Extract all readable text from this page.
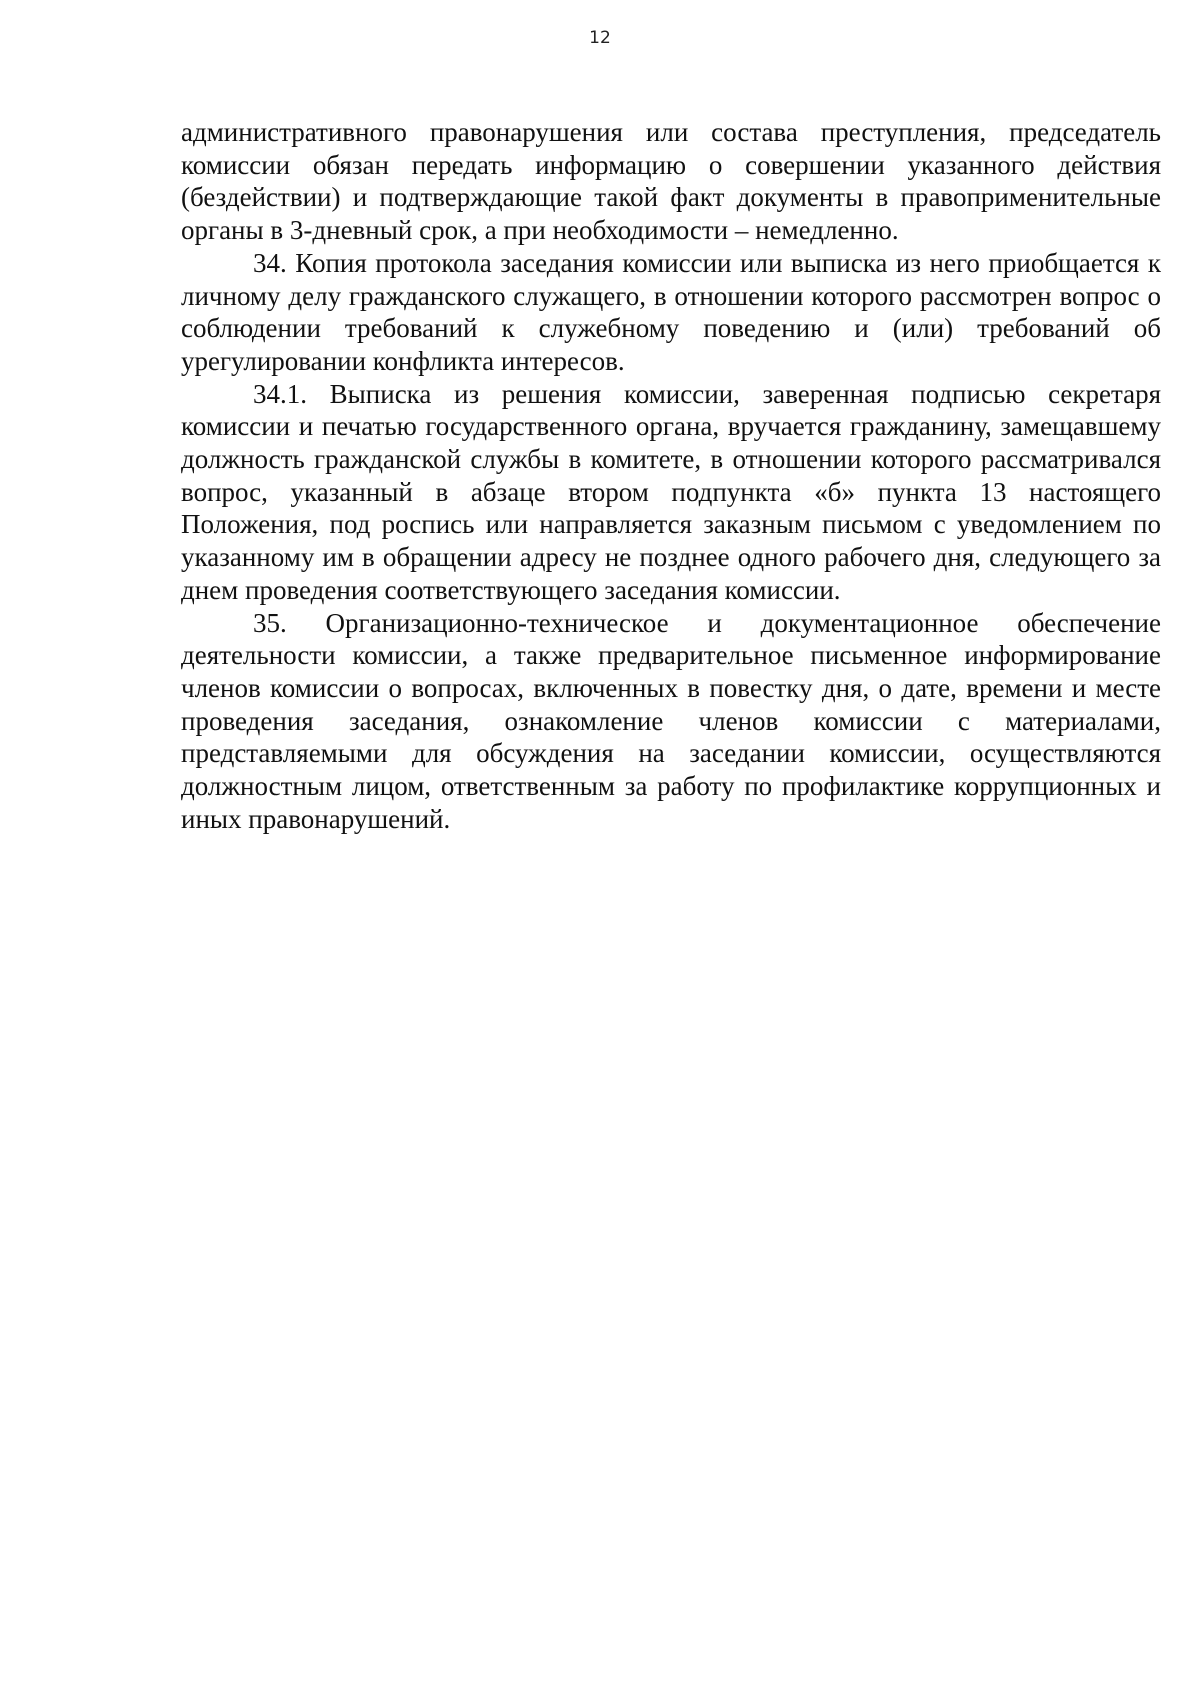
12

административного правонарушения или состава преступления, председатель комиссии обязан передать информацию о совершении указанного действия (бездействии) и подтверждающие такой факт документы в правоприменительные органы в 3-дневный срок, а при необходимости – немедленно.

34. Копия протокола заседания комиссии или выписка из него приобщается к личному делу гражданского служащего, в отношении которого рассмотрен вопрос о соблюдении требований к служебному поведению и (или) требований об урегулировании конфликта интересов.

34.1. Выписка из решения комиссии, заверенная подписью секретаря комиссии и печатью государственного органа, вручается гражданину, замещавшему должность гражданской службы в комитете, в отношении которого рассматривался вопрос, указанный в абзаце втором подпункта «б» пункта 13 настоящего Положения, под роспись или направляется заказным письмом с уведомлением по указанному им в обращении адресу не позднее одного рабочего дня, следующего за днем проведения соответствующего заседания комиссии.

35. Организационно-техническое и документационное обеспечение деятельности комиссии, а также предварительное письменное информирование членов комиссии о вопросах, включенных в повестку дня, о дате, времени и месте проведения заседания, ознакомление членов комиссии с материалами, представляемыми для обсуждения на заседании комиссии, осуществляются должностным лицом, ответственным за работу по профилактике коррупционных и иных правонарушений.
